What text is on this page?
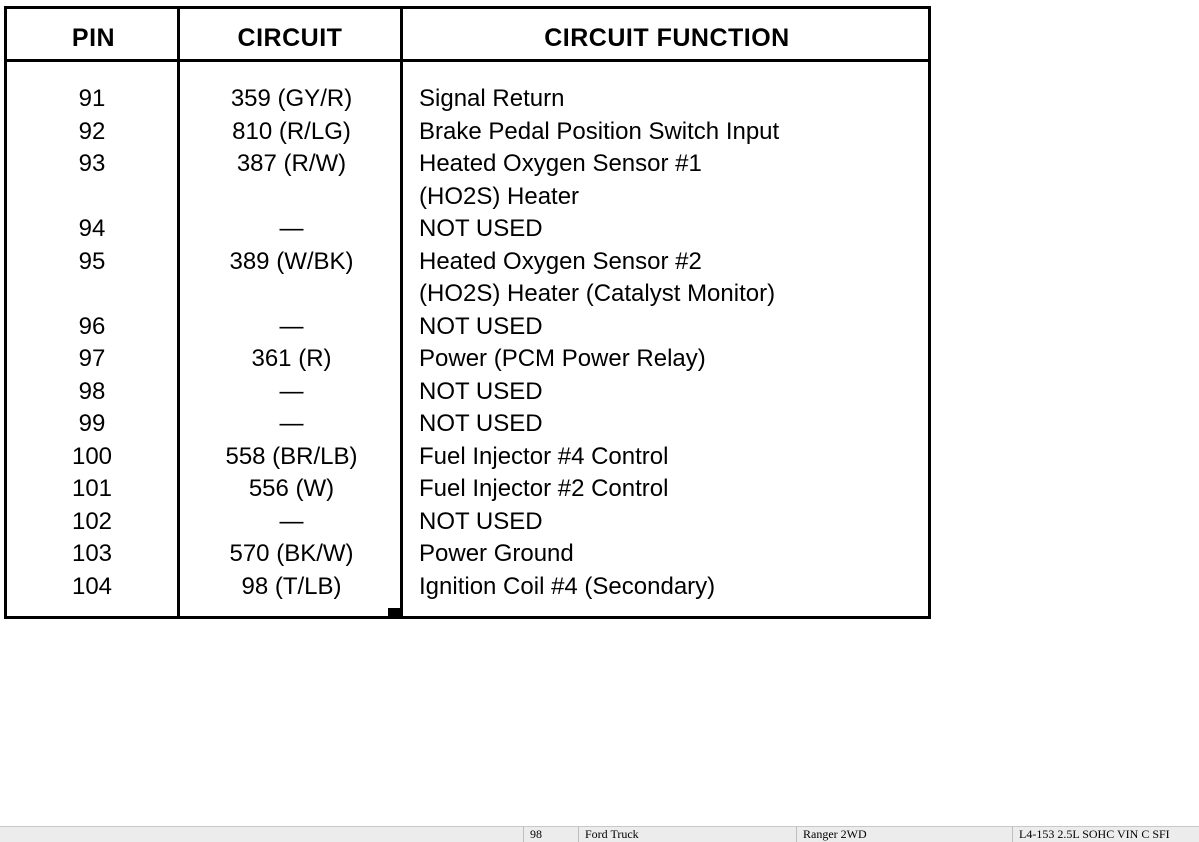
PIN	CIRCUIT	CIRCUIT FUNCTION
91	359 (GY/R)	Signal Return
92	810 (R/LG)	Brake Pedal Position Switch Input
93	387 (R/W)	Heated Oxygen Sensor #1
(HO2S) Heater
94	—	NOT USED
95	389 (W/BK)	Heated Oxygen Sensor #2
(HO2S) Heater (Catalyst Monitor)
96	—	NOT USED
97	361 (R)	Power (PCM Power Relay)
98	—	NOT USED
99	—	NOT USED
100	558 (BR/LB)	Fuel Injector #4 Control
101	556 (W)	Fuel Injector #2 Control
102	—	NOT USED
103	570 (BK/W)	Power Ground
104	98 (T/LB)	Ignition Coil #4 (Secondary)
98	Ford Truck	Ranger 2WD	L4-153 2.5L SOHC VIN C SFI
